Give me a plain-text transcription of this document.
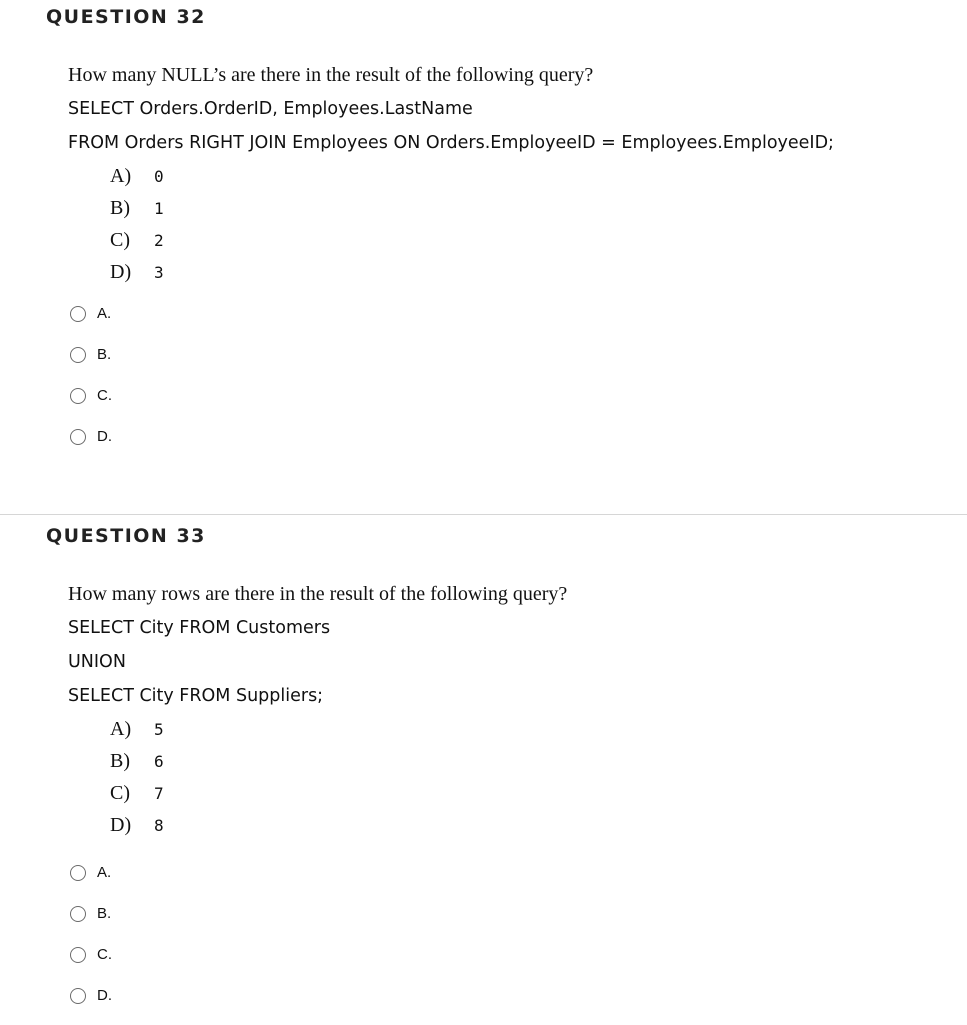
QUESTION 32
How many NULL’s are there in the result of the following query?
SELECT Orders.OrderID, Employees.LastName
FROM Orders RIGHT JOIN Employees ON Orders.EmployeeID = Employees.EmployeeID;
A) 0
B) 1
C) 2
D) 3
A.
B.
C.
D.
QUESTION 33
How many rows are there in the result of the following query?
SELECT City FROM Customers
UNION
SELECT City FROM Suppliers;
A) 5
B) 6
C) 7
D) 8
A.
B.
C.
D.
